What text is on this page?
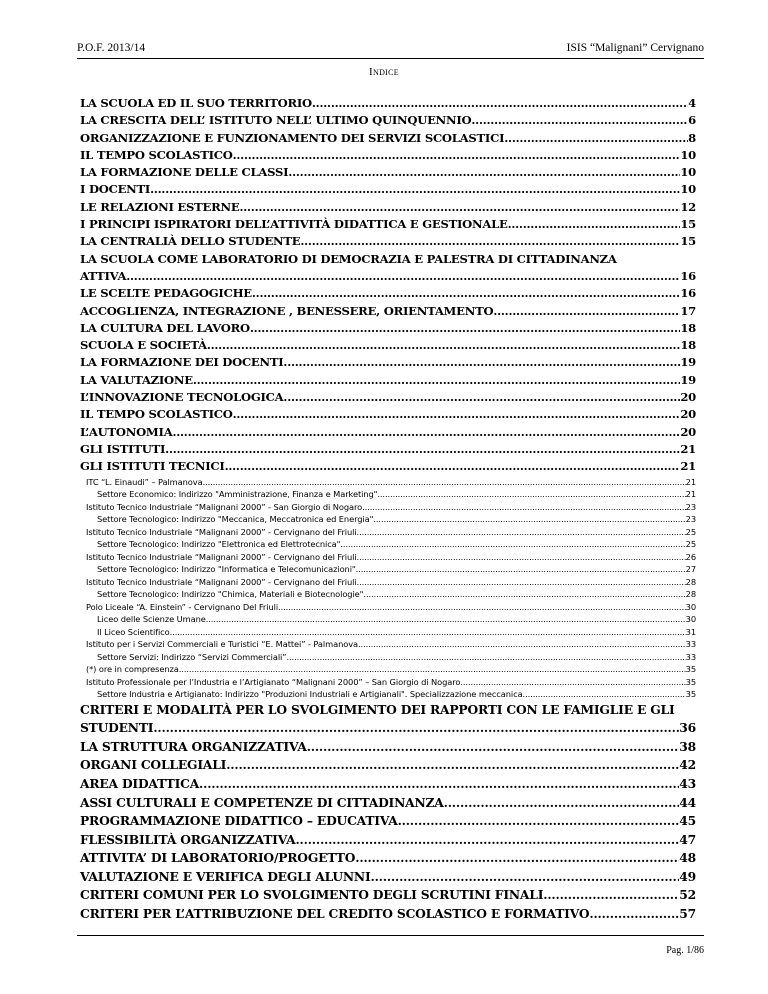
P.O.F. 2013/14	ISIS “Malignani” Cervignano
Indice
LA SCUOLA ED IL SUO TERRITORIO .....	4
LA CRESCITA DELL’ ISTITUTO NELL’ ULTIMO QUINQUENNIO .....	6
ORGANIZZAZIONE E FUNZIONAMENTO DEI SERVIZI SCOLASTICI. .....	8
IL TEMPO SCOLASTICO .....	10
LA FORMAZIONE DELLE CLASSI .....	10
I DOCENTI .....	10
LE RELAZIONI ESTERNE .....	12
I PRINCIPI ISPIRATORI DELL’ATTIVITÀ DIDATTICA E GESTIONALE .....	15
LA CENTRALIÀ DELLO STUDENTE .....	15
LA SCUOLA COME LABORATORIO DI DEMOCRAZIA E PALESTRA DI CITTADINANZA
ATTIVA .....	16
LE SCELTE PEDAGOGICHE .....	16
ACCOGLIENZA, INTEGRAZIONE , BENESSERE, ORIENTAMENTO .....	17
LA CULTURA DEL LAVORO .....	18
SCUOLA E SOCIETÀ .....	18
LA FORMAZIONE DEI DOCENTI .....	19
LA VALUTAZIONE .....	19
L’INNOVAZIONE TECNOLOGICA .....	20
IL TEMPO SCOLASTICO .....	20
L’AUTONOMIA .....	20
GLI ISTITUTI .....	21
GLI ISTITUTI TECNICI .....	21
ITC “L. Einaudi” – Palmanova .....	21
Settore Economico: Indirizzo "Amministrazione, Finanza e Marketing" .....	21
Istituto Tecnico Industriale “Malignani 2000” - San Giorgio di Nogaro .....	23
Settore Tecnologico: Indirizzo "Meccanica, Meccatronica ed Energia" .....	23
Istituto Tecnico Industriale “Malignani 2000” - Cervignano del Friuli .....	25
Settore Tecnologico: Indirizzo "Elettronica ed Elettrotecnica" .....	25
Istituto Tecnico Industriale “Malignani 2000” - Cervignano del Friuli .....	26
Settore Tecnologico: Indirizzo "Informatica e Telecomunicazioni" .....	27
Istituto Tecnico Industriale “Malignani 2000” - Cervignano del Friuli .....	28
Settore Tecnologico: Indirizzo "Chimica, Materiali e Biotecnologie" .....	28
Polo Liceale “A. Einstein” - Cervignano Del Friuli .....	30
Liceo delle Scienze Umane .....	30
Il Liceo Scientifico .....	31
Istituto per i Servizi Commerciali e Turistici “E. Mattei” - Palmanova .....	33
Settore Servizi: Indirizzo “Servizi Commerciali” .....	33
(*) ore in compresenza .....	35
Istituto Professionale per l’Industria e l’Artigianato “Malignani 2000” – San Giorgio di Nogaro .....	35
Settore Industria e Artigianato: Indirizzo "Produzioni Industriali e Artigianali". Specializzazione meccanica. .....	35
CRITERI E MODALITÀ PER LO SVOLGIMENTO DEI RAPPORTI CON LE FAMIGLIE E GLI
STUDENTI .....	36
LA STRUTTURA ORGANIZZATIVA .....	38
ORGANI COLLEGIALI .....	42
AREA DIDATTICA .....	43
ASSI CULTURALI E COMPETENZE DI CITTADINANZA .....	44
PROGRAMMAZIONE DIDATTICO – EDUCATIVA .....	45
FLESSIBILITÀ ORGANIZZATIVA .....	47
ATTIVITA’ DI LABORATORIO/PROGETTO .....	48
VALUTAZIONE E VERIFICA DEGLI ALUNNI .....	49
CRITERI COMUNI PER LO SVOLGIMENTO DEGLI SCRUTINI FINALI .....	52
CRITERI PER L’ATTRIBUZIONE DEL CREDITO SCOLASTICO E FORMATIVO .....	57
Pag. 1/86
